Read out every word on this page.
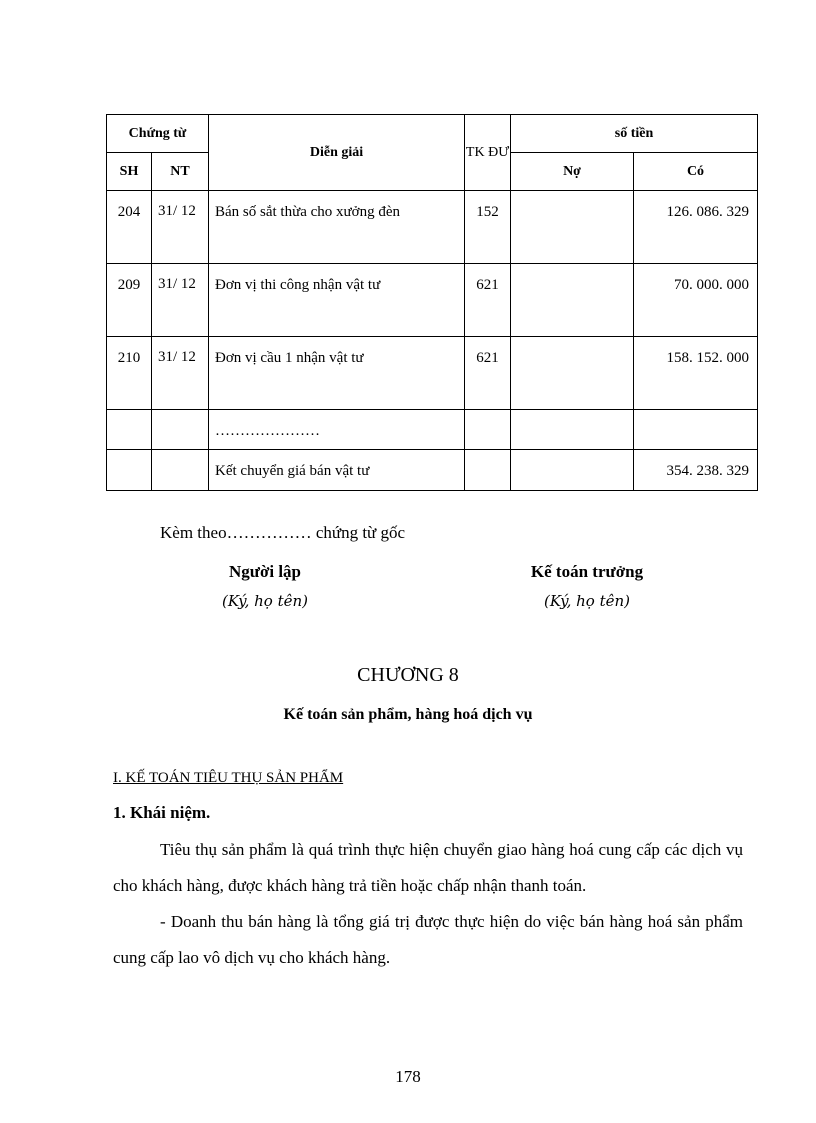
Chứng từ		Diễn giải	TK ĐƯ	số tiền	
SH	NT			Nợ	Có
204	31/ 12	Bán số sắt thừa cho xưởng đèn	152		126. 086. 329
209	31/ 12	Đơn vị thi công nhận vật tư	621		70. 000. 000
210	31/ 12	Đơn vị cầu 1 nhận vật tư	621		158. 152. 000
		…………………			
		Kết chuyển giá bán vật tư			354. 238. 329
Kèm theo…………… chứng từ gốc
Người lập
(Ký, họ tên)
Kế toán trưởng
(Ký, họ tên)
CHƯƠNG 8
Kế toán sản phẩm, hàng hoá dịch vụ
I. KẾ TOÁN TIÊU THỤ SẢN PHẨM
1. Khái niệm.
Tiêu thụ sản phẩm là quá trình thực hiện chuyển giao hàng hoá cung cấp các dịch vụ cho khách hàng, được khách hàng trả tiền hoặc chấp nhận thanh toán.
- Doanh thu bán hàng là tổng giá trị được thực hiện do việc bán hàng hoá sản phẩm cung cấp lao vô dịch vụ cho khách hàng.
178
